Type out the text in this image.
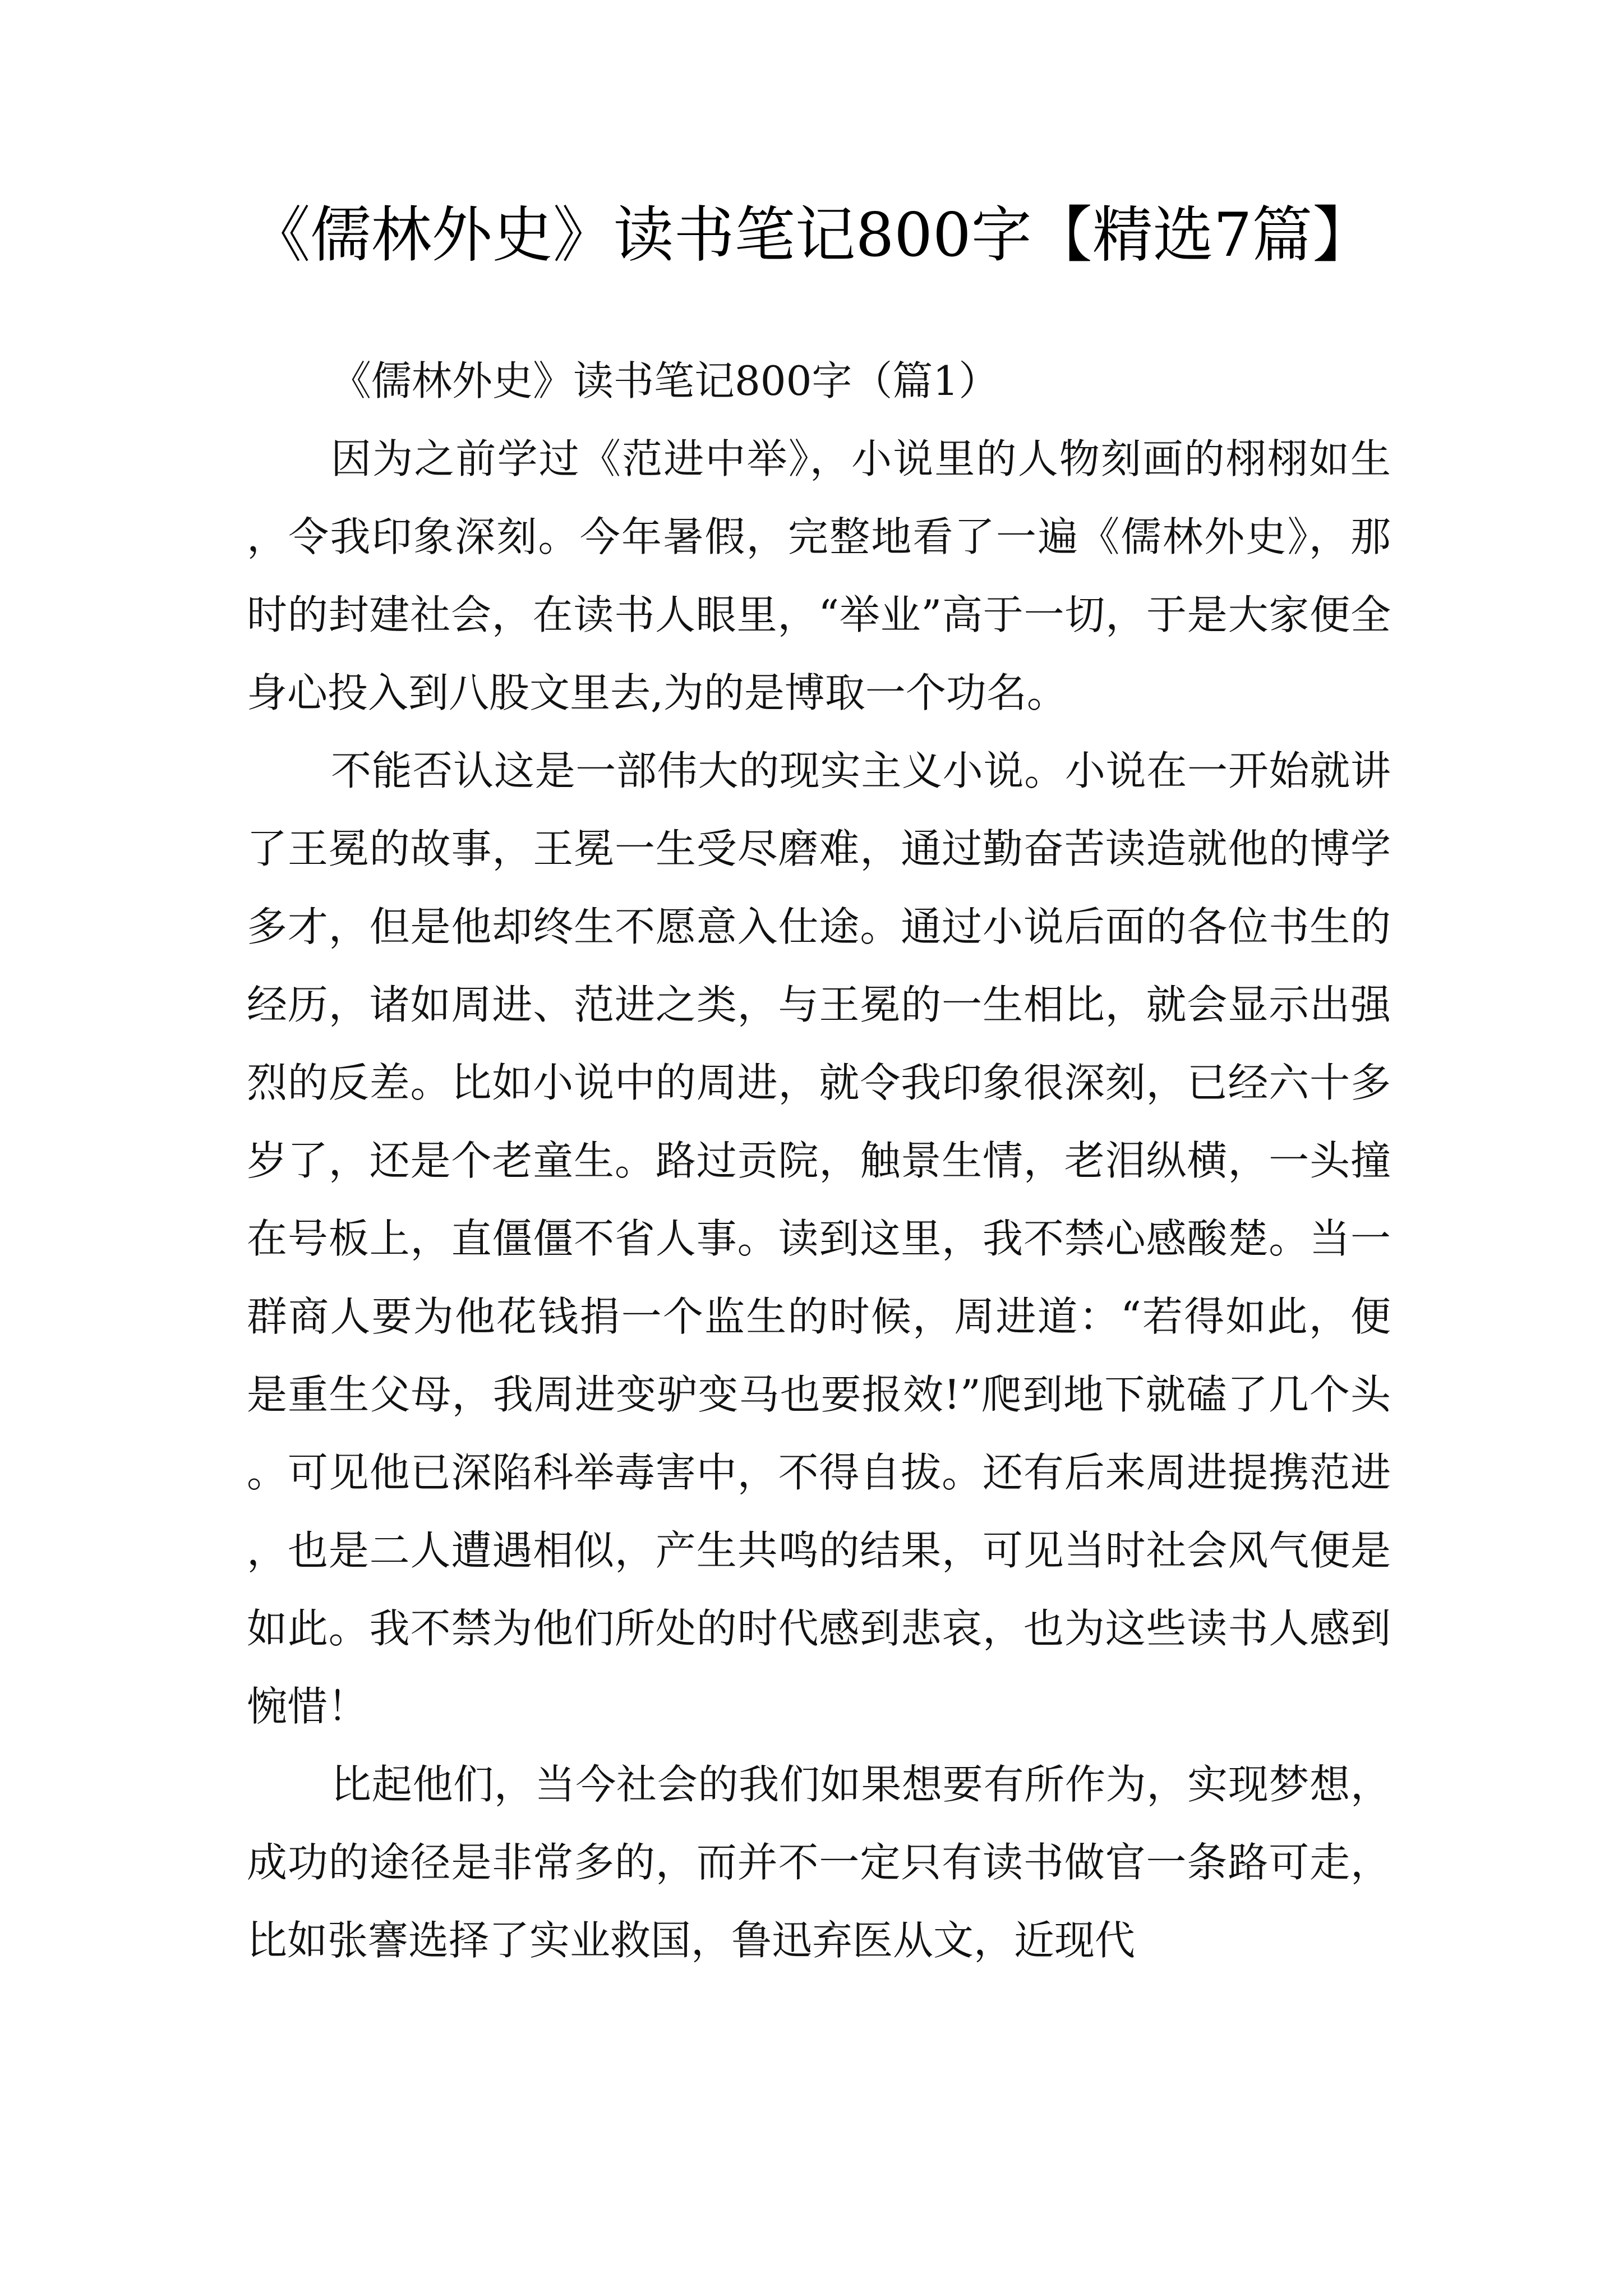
《儒林外史》读书笔记800字【精选7篇】

《儒林外史》读书笔记800字（篇1）

因为之前学过《范进中举》，小说里的人物刻画的栩栩如生，令我印象深刻。今年暑假，完整地看了一遍《儒林外史》，那时的封建社会，在读书人眼里，“举业”高于一切，于是大家便全身心投入到八股文里去,为的是博取一个功名。

不能否认这是一部伟大的现实主义小说。小说在一开始就讲了王冕的故事，王冕一生受尽磨难，通过勤奋苦读造就他的博学多才，但是他却终生不愿意入仕途。通过小说后面的各位书生的经历，诸如周进、范进之类，与王冕的一生相比，就会显示出强烈的反差。比如小说中的周进，就令我印象很深刻，已经六十多岁了，还是个老童生。路过贡院，触景生情，老泪纵横，一头撞在号板上，直僵僵不省人事。读到这里，我不禁心感酸楚。当一群商人要为他花钱捐一个监生的时候，周进道：“若得如此，便是重生父母，我周进变驴变马也要报效!”爬到地下就磕了几个头。可见他已深陷科举毒害中，不得自拔。还有后来周进提携范进，也是二人遭遇相似，产生共鸣的结果，可见当时社会风气便是如此。我不禁为他们所处的时代感到悲哀，也为这些读书人感到惋惜！

比起他们，当今社会的我们如果想要有所作为，实现梦想，成功的途径是非常多的，而并不一定只有读书做官一条路可走，比如张謇选择了实业救国，鲁迅弃医从文，近现代
